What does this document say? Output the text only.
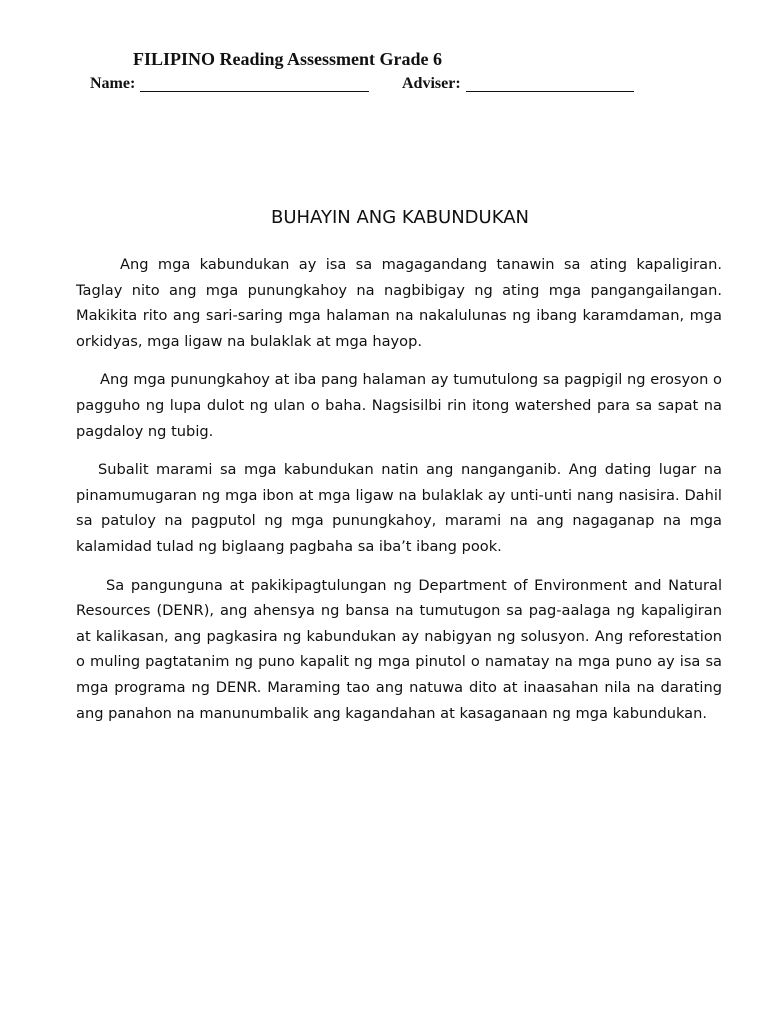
FILIPINO Reading Assessment Grade 6
Name:	Adviser:
BUHAYIN ANG KABUNDUKAN

Ang mga kabundukan ay isa sa magagandang tanawin sa ating kapaligiran. Taglay nito ang mga punungkahoy na nagbibigay ng ating mga pangangailangan. Makikita rito ang sari-saring mga halaman na nakalulunas ng ibang karamdaman, mga orkidyas, mga ligaw na bulaklak at mga hayop.

Ang mga punungkahoy at iba pang halaman ay tumutulong sa pagpigil ng erosyon o pagguho ng lupa dulot ng ulan o baha. Nagsisilbi rin itong watershed para sa sapat na pagdaloy ng tubig.

Subalit marami sa mga kabundukan natin ang nanganganib. Ang dating lugar na pinamumugaran ng mga ibon at mga ligaw na bulaklak ay unti-unti nang nasisira. Dahil sa patuloy na pagputol ng mga punungkahoy, marami na ang nagaganap na mga kalamidad tulad ng biglaang pagbaha sa iba’t ibang pook.

Sa pangunguna at pakikipagtulungan ng Department of Environment and Natural Resources (DENR), ang ahensya ng bansa na tumutugon sa pag-aalaga ng kapaligiran at kalikasan, ang pagkasira ng kabundukan ay nabigyan ng solusyon. Ang reforestation o muling pagtatanim ng puno kapalit ng mga pinutol o namatay na mga puno ay isa sa mga programa ng DENR. Maraming tao ang natuwa dito at inaasahan nila na darating ang panahon na manunumbalik ang kagandahan at kasaganaan ng mga kabundukan.
